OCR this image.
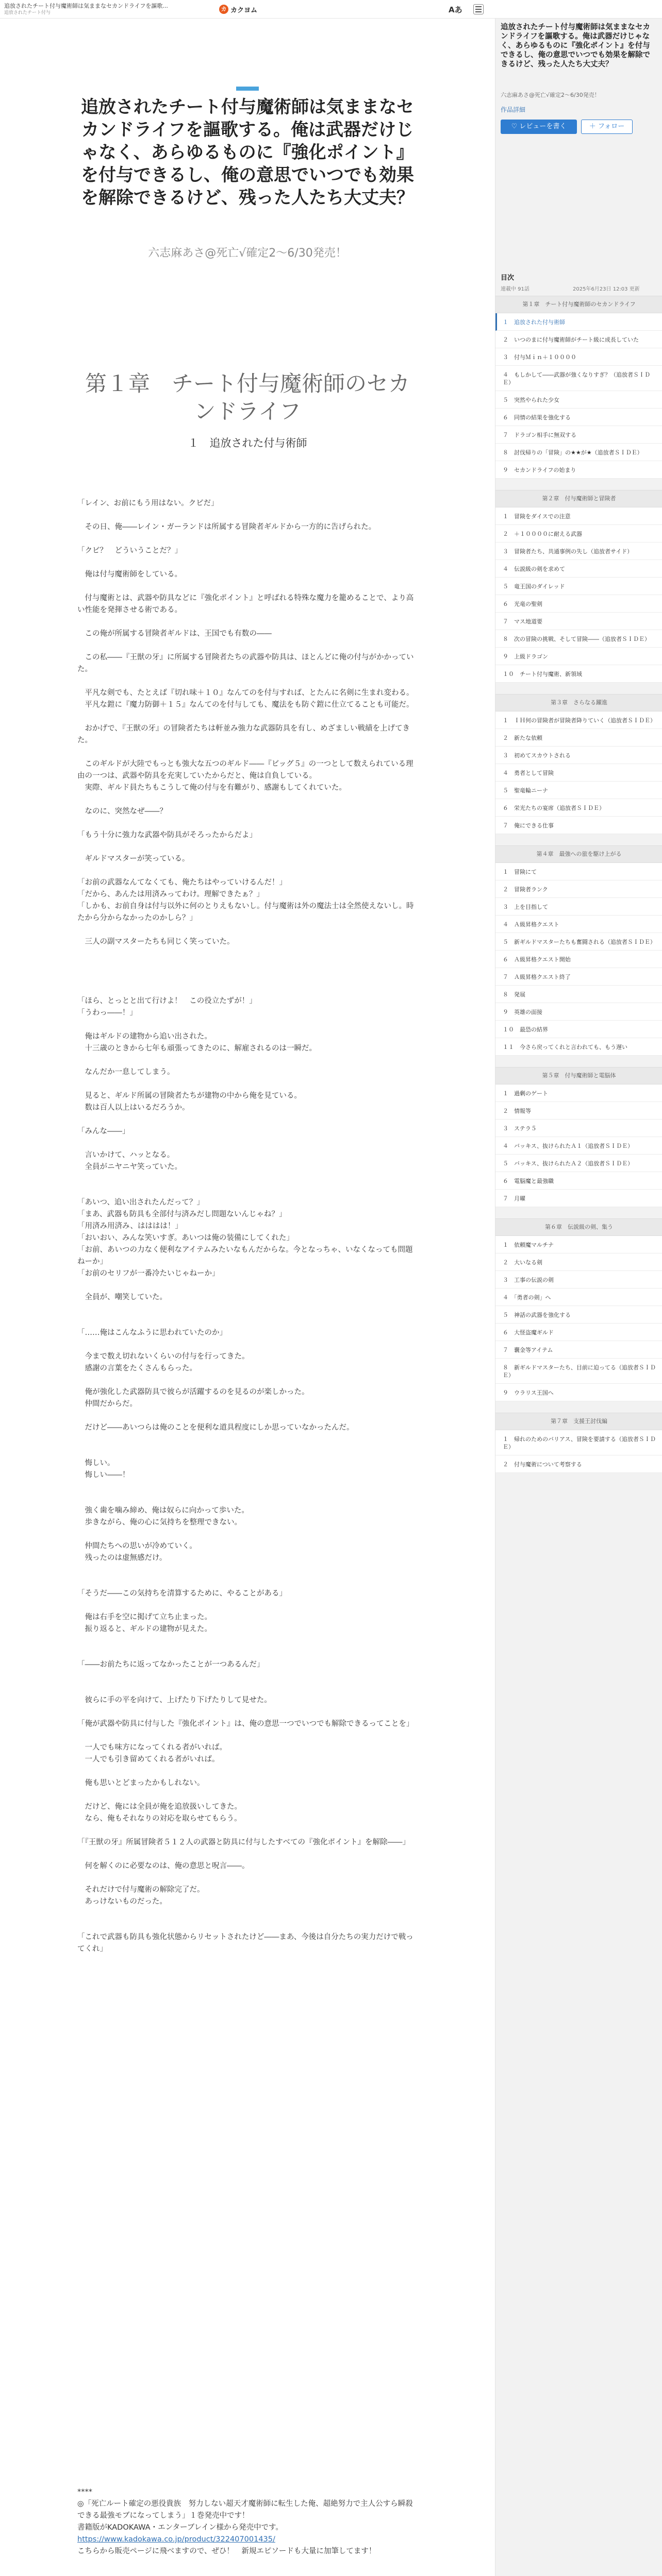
追放されたチート付与魔術師は気ままなセカンドライフを謳歌...
追放されたチート付与
カ カクヨム	Aあ
追放されたチート付与魔術師は気ままなセカンドライフを謳歌する。俺は武器だけじゃなく、あらゆるものに『強化ポイント』を付与できるし、俺の意思でいつでも効果を解除できるけど、残った人たち大丈夫？
六志麻あさ@死亡√確定2〜6/30発売！
第１章　チート付与魔術師のセカンドライフ
１　追放された付与術師

「レイン、お前にもう用はない。クビだ」

　その日、俺――レイン・ガーランドは所属する冒険者ギルドから一方的に告げられた。

「クビ？　どういうことだ？」

　俺は付与魔術師をしている。

　付与魔術とは、武器や防具などに『強化ポイント』と呼ばれる特殊な魔力を籠めることで、より高い性能を発揮させる術である。

　この俺が所属する冒険者ギルドは、王国でも有数の――

　この私――『王獣の牙』に所属する冒険者たちの武器や防具は、ほとんどに俺の付与がかかっていた。

　平凡な剣でも、たとえば『切れ味＋１０』なんてのを付与すれば、とたんに名剣に生まれ変わる。

　平凡な鎧に『魔力防御＋１５』なんてのを付与しても、魔法をも防ぐ鎧に仕立てることも可能だ。

　おかげで、『王獣の牙』の冒険者たちは軒並み強力な武器防具を有し、めざましい戦績を上げてきた。

　このギルドが大陸でもっとも強大な五つのギルド――『ビッグ５』の一つとして数えられている理由の一つは、武器や防具を充実していたからだと、俺は自負している。

　実際、ギルド員たちもこうして俺の付与を有難がり、感謝もしてくれていた。

　なのに、突然なぜ――？

「もう十分に強力な武器や防具がそろったからだよ」

　ギルドマスターが笑っている。

「お前の武器なんてなくても、俺たちはやっていけるんだ！」

「だから、あんたは用済みってわけ。理解できたぁ？」

「しかも、お前自身は付与以外に何のとりえもないし。付与魔術は外の魔法士は全然使えないし。時たから分からなかったのかしら？」

　三人の副マスターたちも同じく笑っていた。

「ほら、とっとと出て行けよ！　この役立たずが！」

「うわっ――！」

　俺はギルドの建物から追い出された。

　十三歳のときから七年も頑張ってきたのに、解雇されるのは一瞬だ。

　なんだか一息してしまう。

　見ると、ギルド所属の冒険者たちが建物の中から俺を見ている。

　数は百人以上はいるだろうか。

「みんな――」

　言いかけて、ハッとなる。

　全員がニヤニヤ笑っていた。

「あいつ、追い出されたんだって？」

「まあ、武器も防具も全部付与済みだし問題ないんじゃね？」

「用済み用済み、はははは！」

「おいおい、みんな笑いすぎ。あいつは俺の装備にしてくれた」

「お前、あいつの力なく便利なアイテムみたいなもんだからな。今となっちゃ、いなくなっても問題ねーか」

「お前のセリフが一番冷たいじゃねーか」

　全員が、嘲笑していた。

「……俺はこんなふうに思われていたのか」

　今まで数え切れないくらいの付与を行ってきた。

　感謝の言葉をたくさんもらった。

　俺が強化した武器防具で彼らが活躍するのを見るのが楽しかった。

　仲間だからだ。

　だけど――あいつらは俺のことを便利な道具程度にしか思っていなかったんだ。

　悔しい。

　悔しい――！

　強く歯を噛み締め、俺は奴らに向かって歩いた。

　歩きながら、俺の心に気持ちを整理できない。

　仲間たちへの思いが冷めていく。

　残ったのは虚無感だけ。

「そうだ――この気持ちを清算するために、やることがある」

　俺は右手を空に掲げて立ち止まった。

　振り返ると、ギルドの建物が見えた。

「――お前たちに返ってなかったことが一つあるんだ」

　彼らに手の平を向けて、上げたり下げたりして見せた。

「俺が武器や防具に付与した『強化ポイント』は、俺の意思一つでいつでも解除できるってことを」

　一人でも味方になってくれる者がいれば。

　一人でも引き留めてくれる者がいれば。

　俺も思いとどまったかもしれない。

　だけど、俺には全員が俺を追放扱いしてきた。

　なら、俺もそれなりの対応を取らせてもらう。

「『王獣の牙』所属冒険者５１２人の武器と防具に付与したすべての『強化ポイント』を解除――」

　何を解くのに必要なのは、俺の意思と呪言――。

　それだけで付与魔術の解除完了だ。

　あっけないものだった。

「これで武器も防具も強化状態からリセットされたけど――まあ、今後は自分たちの実力だけで戦ってくれ」

****

◎「死亡ルート確定の悪役貴族　努力しない超天才魔術師に転生した俺、超絶努力で主人公すら瞬殺できる最強モブになってしまう」１巻発売中です！

書籍版がKADOKAWA・エンターブレイン様から発売中です。

https://www.kadokawa.co.jp/product/322407001435/

こちらから販売ページに飛べますので、ぜひ！　新規エピソードも大量に加筆してます！

追放されたチート付与魔術師は気ままなセカンドライフを謳歌する。俺は武器だけじゃなく、あらゆるものに『強化ポイント』を付与できるし、俺の意思でいつでも効果を解除できるけど、残った人たち大丈夫？
六志麻あさ@死亡√確定2〜6/30発売！
作品詳細
♡ レビューを書く	＋ フォロー
目次
連載中 91話	2025年6月23日 12:03 更新
第１章　チート付与魔術師のセカンドライフ
１　追放された付与術師
２　いつのまに付与魔術師がチート級に成長していた
３　付与Ｍｉｎ＋１００００
４　もしかして――武器が強くなりすぎ？（追放者ＳＩＤＥ）
５　突然やられた少女
６　同情の結果を強化する
７　ドラゴン相手に無双する
８　討伐帰りの「冒険」の★★が★（追放者ＳＩＤＥ）
９　セカンドライフの始まり
第２章　付与魔術師と冒険者
１　冒険をダイスでの注意
２　＋１００００に耐える武器
３　冒険者たち、共通事例の失し（追放者サイド）
４　伝説級の剣を求めて
５　竜王国のダイレッド
６　光竜の聖剣
７　マス地道要
８　次の冒険の挑戦、そして冒険――（追放者ＳＩＤＥ）
９　上級ドラゴン
１０　チート付与魔術、新領域
第３章　さらなる躍進
１　ＩＨ何の冒険者が冒険者降りていく（追放者ＳＩＤＥ）
２　新たな依頼
３　初めてスカウトされる
４　勇者として冒険
５　聖竜輪ニーナ
６　栄光たちの宴席（追放者ＳＩＤＥ）
７　俺にできる仕事
第４章　最強への旅を駆け上がる
１　冒険にて
２　冒険者ランク
３　上を目指して
４　Ａ級昇格クエスト
５　新ギルドマスターたちも奮闘される（追放者ＳＩＤＥ）
６　Ａ級昇格クエスト開始
７　Ａ級昇格クエスト終了
８　発展
９　英雄の面接
１０　最恐の結界
１１　今さら戻ってくれと言われても、もう遅い
第５章　付与魔術師と電脳体
１　過剰のゲート
２　情報等
３　ステラ５
４　バッキス、抜けられたＡ１（追放者ＳＩＤＥ）
５　バッキス、抜けられたＡ２（追放者ＳＩＤＥ）
６　電脳魔と最強職
７　月曜
第６章　伝説級の剣、集う
１　依頼魔マルチナ
２　大いなる剣
３　工事の伝説の剣
４　「勇者の剣」へ
５　神話の武器を強化する
６　大怪盗魔ギルド
７　囊金等アイテム
８　新ギルドマスターたち、目前に迫ってる（追放者ＳＩＤＥ）
９　ウラリス王国へ
第７章　支援王討伐編
１　帰れのためのバリアス、冒険を要請する（追放者ＳＩＤＥ）
２　付与魔術について考察する
